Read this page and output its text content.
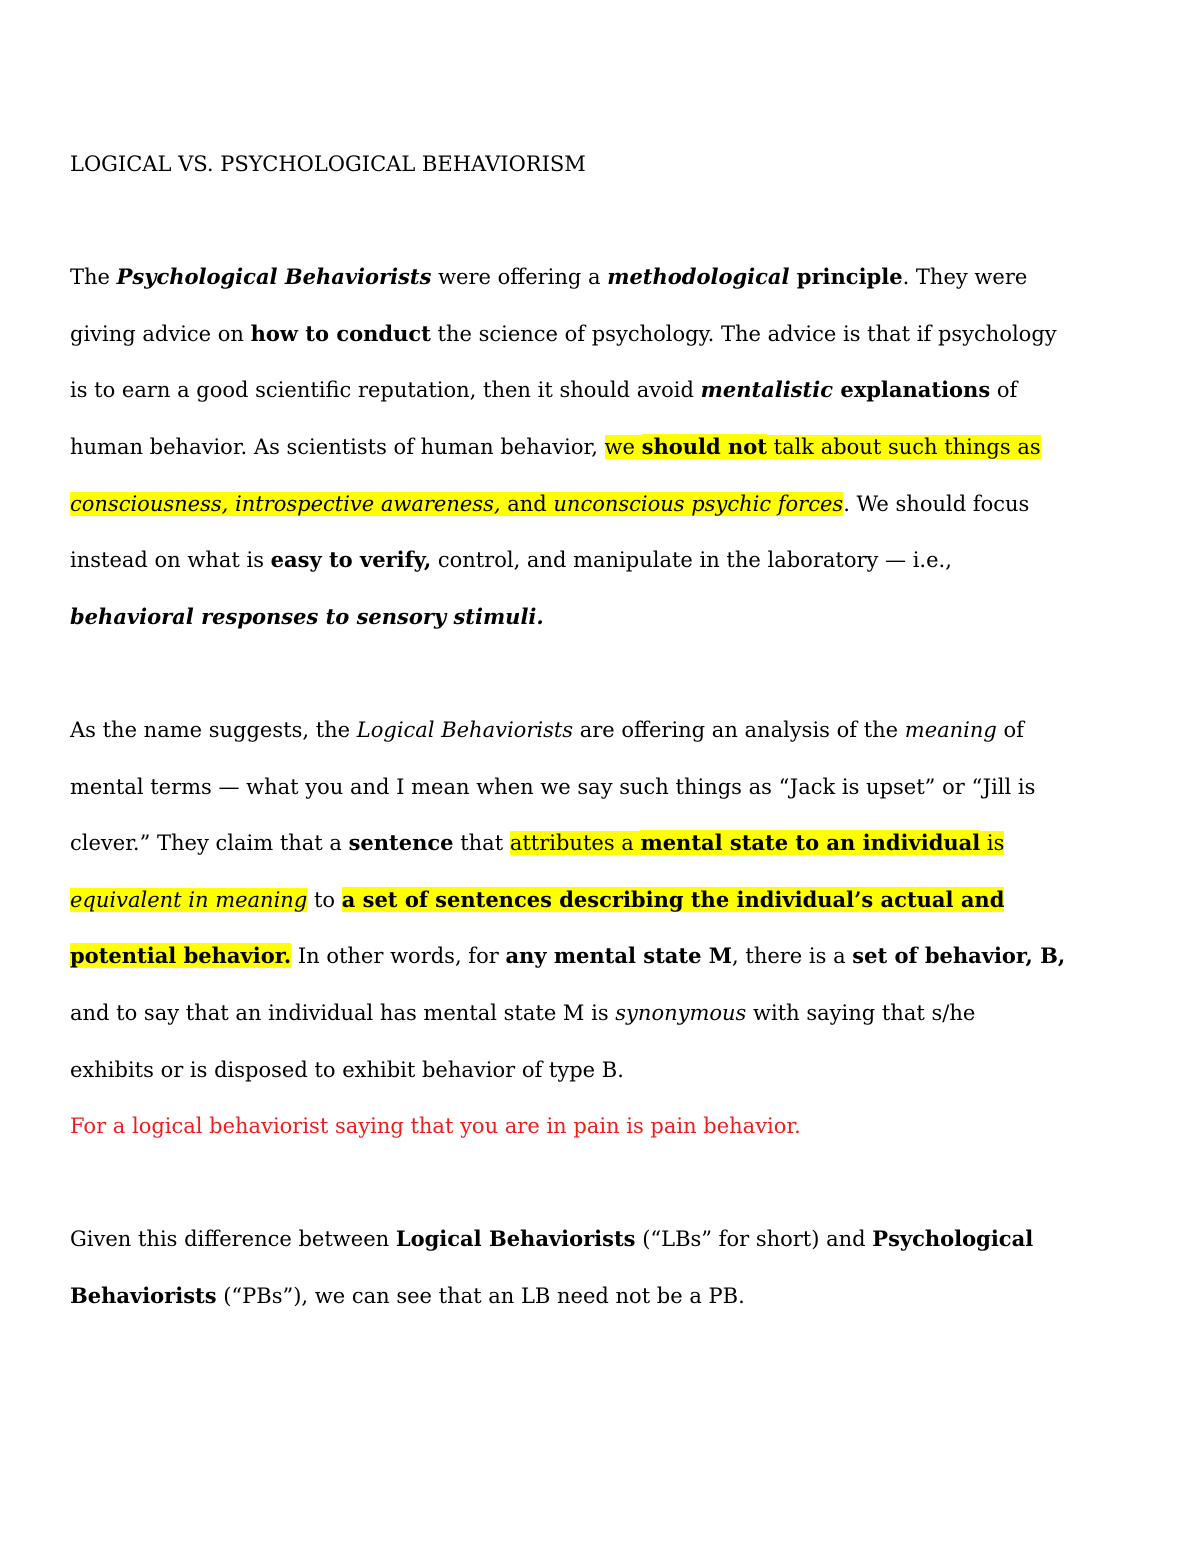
LOGICAL VS. PSYCHOLOGICAL BEHAVIORISM
The Psychological Behaviorists were offering a methodological principle. They were
giving advice on how to conduct the science of psychology. The advice is that if psychology
is to earn a good scientific reputation, then it should avoid mentalistic explanations of
human behavior. As scientists of human behavior, we should not talk about such things as
consciousness, introspective awareness, and unconscious psychic forces. We should focus
instead on what is easy to verify, control, and manipulate in the laboratory — i.e.,
behavioral responses to sensory stimuli.
As the name suggests, the Logical Behaviorists are offering an analysis of the meaning of
mental terms — what you and I mean when we say such things as “Jack is upset” or “Jill is
clever.” They claim that a sentence that attributes a mental state to an individual is
equivalent in meaning to a set of sentences describing the individual’s actual and
potential behavior. In other words, for any mental state M, there is a set of behavior, B,
and to say that an individual has mental state M is synonymous with saying that s/he
exhibits or is disposed to exhibit behavior of type B.
For a logical behaviorist saying that you are in pain is pain behavior.
Given this difference between Logical Behaviorists (“LBs” for short) and Psychological
Behaviorists (“PBs”), we can see that an LB need not be a PB.
